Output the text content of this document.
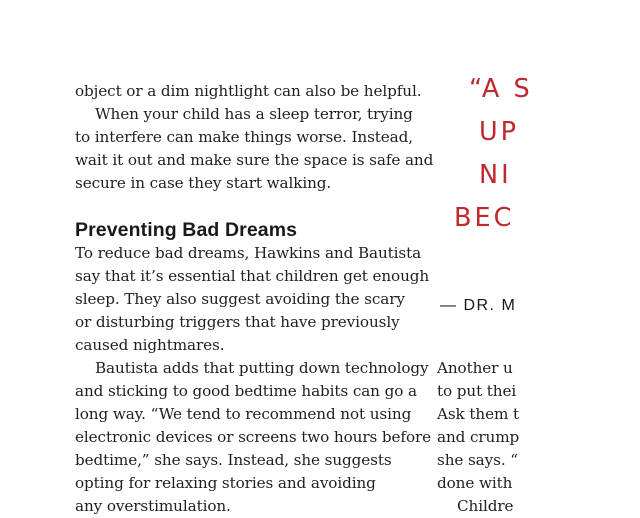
object or a dim nightlight can also be helpful.
When your child has a sleep terror, trying
to interfere can make things worse. Instead,
wait it out and make sure the space is safe and
secure in case they start walking.
Preventing Bad Dreams
To reduce bad dreams, Hawkins and Bautista
say that it’s essential that children get enough
sleep. They also suggest avoiding the scary
or disturbing triggers that have previously
caused nightmares.
Bautista adds that putting down technology
and sticking to good bedtime habits can go a
long way. “We tend to recommend not using
electronic devices or screens two hours before
bedtime,” she says. Instead, she suggests
opting for relaxing stories and avoiding
any overstimulation.
“A S
UP
NI
BEC
— DR. M
Another u
to put thei
Ask them t
and crump
she says. “
done with
Childre
